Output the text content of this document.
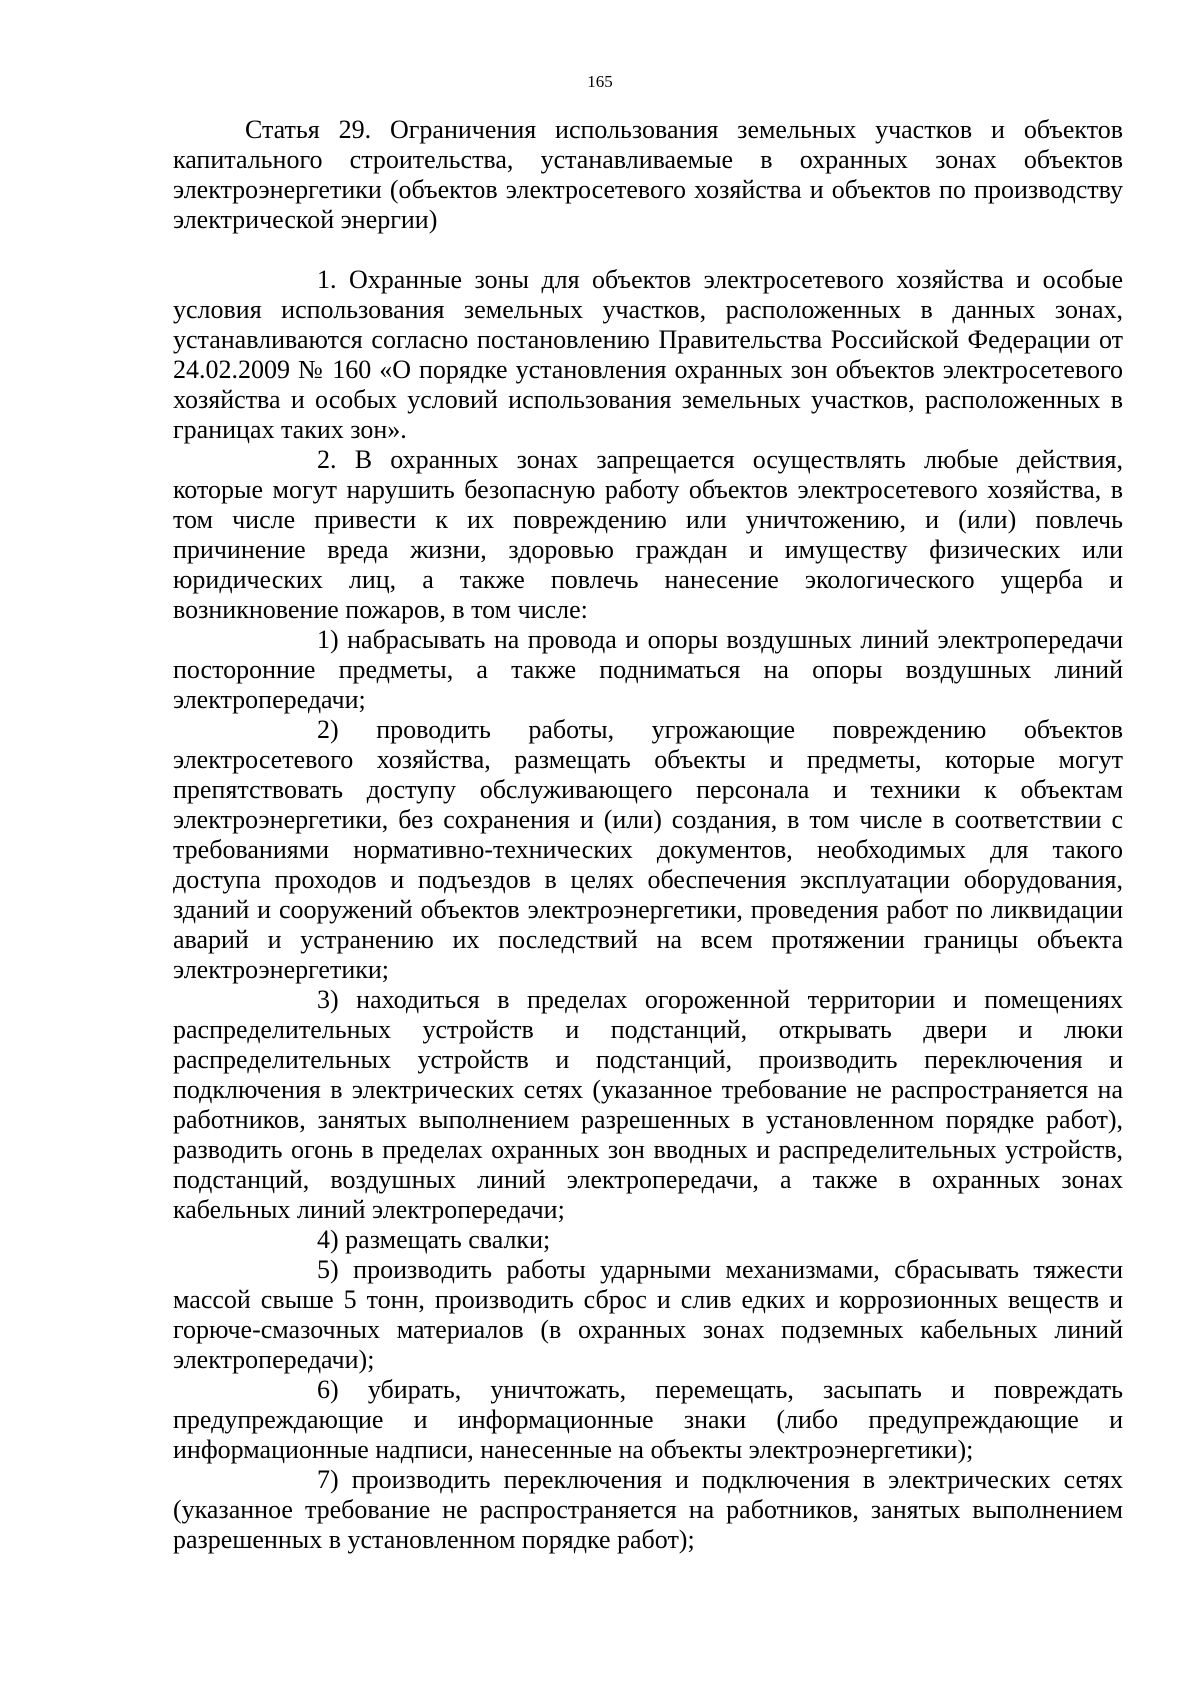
165

Статья 29. Ограничения использования земельных участков и объектов капитального строительства, устанавливаемые в охранных зонах объектов электроэнергетики (объектов электросетевого хозяйства и объектов по производству электрической энергии)

1. Охранные зоны для объектов электросетевого хозяйства и особые условия использования земельных участков, расположенных в данных зонах, устанавливаются согласно постановлению Правительства Российской Федерации от 24.02.2009 № 160 «О порядке установления охранных зон объектов электросетевого хозяйства и особых условий использования земельных участков, расположенных в границах таких зон».

2. В охранных зонах запрещается осуществлять любые действия, которые могут нарушить безопасную работу объектов электросетевого хозяйства, в том числе привести к их повреждению или уничтожению, и (или) повлечь причинение вреда жизни, здоровью граждан и имуществу физических или юридических лиц, а также повлечь нанесение экологического ущерба и возникновение пожаров, в том числе:

1) набрасывать на провода и опоры воздушных линий электропередачи посторонние предметы, а также подниматься на опоры воздушных линий электропередачи;

2) проводить работы, угрожающие повреждению объектов электросетевого хозяйства, размещать объекты и предметы, которые могут препятствовать доступу обслуживающего персонала и техники к объектам электроэнергетики, без сохранения и (или) создания, в том числе в соответствии с требованиями нормативно-технических документов, необходимых для такого доступа проходов и подъездов в целях обеспечения эксплуатации оборудования, зданий и сооружений объектов электроэнергетики, проведения работ по ликвидации аварий и устранению их последствий на всем протяжении границы объекта электроэнергетики;

3) находиться в пределах огороженной территории и помещениях распределительных устройств и подстанций, открывать двери и люки распределительных устройств и подстанций, производить переключения и подключения в электрических сетях (указанное требование не распространяется на работников, занятых выполнением разрешенных в установленном порядке работ), разводить огонь в пределах охранных зон вводных и распределительных устройств, подстанций, воздушных линий электропередачи, а также в охранных зонах кабельных линий электропередачи;

4) размещать свалки;

5) производить работы ударными механизмами, сбрасывать тяжести массой свыше 5 тонн, производить сброс и слив едких и коррозионных веществ и горюче-смазочных материалов (в охранных зонах подземных кабельных линий электропередачи);

6) убирать, уничтожать, перемещать, засыпать и повреждать предупреждающие и информационные знаки (либо предупреждающие и информационные надписи, нанесенные на объекты электроэнергетики);

7) производить переключения и подключения в электрических сетях (указанное требование не распространяется на работников, занятых выполнением разрешенных в установленном порядке работ);
